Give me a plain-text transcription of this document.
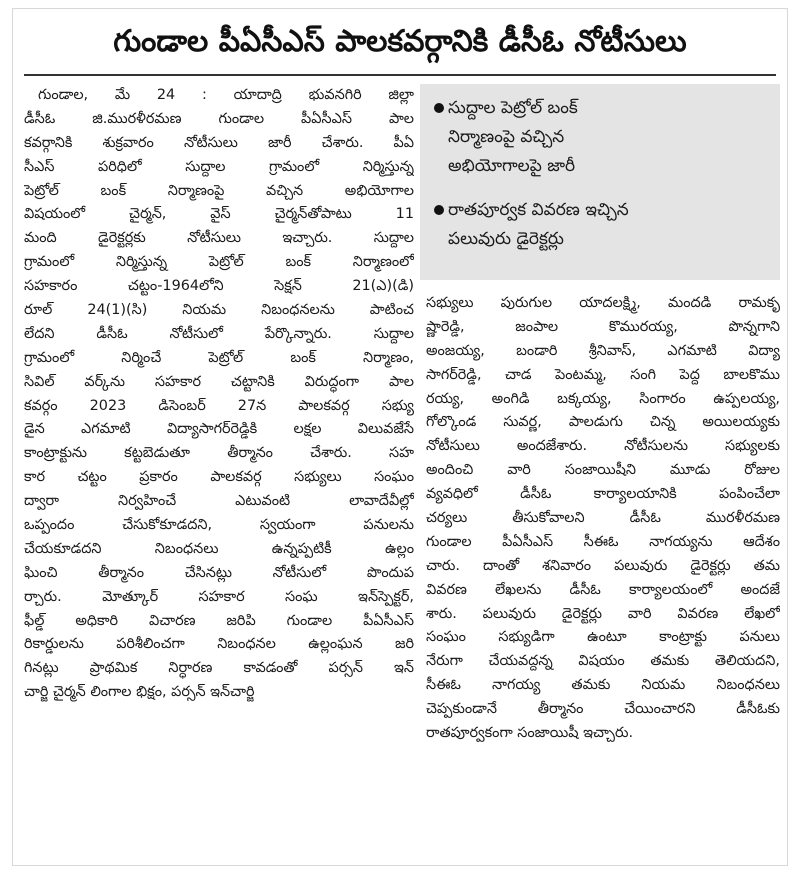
గుండాల పీఏసీఎస్‌ పాలకవర్గానికి డీసీఓ నోటీసులు
సుద్దాల పెట్రోల్‌ బంక్‌
నిర్మాణంపై వచ్చిన
అభియోగాలపై జారీ
రాతపూర్వక వివరణ ఇచ్చిన
పలువురు డైరెక్టర్లు
గుండాల, మే 24 : యాదాద్రి భువనగిరి జిల్లా
డీసీఓ జి.మురళీరమణ గుండాల పీఏసీఎస్‌ పాల
కవర్గానికి శుక్రవారం నోటీసులు జారీ చేశారు. పీఏ
సీఎస్‌ పరిధిలో సుద్దాల గ్రామంలో నిర్మిస్తున్న
పెట్రోల్‌ బంక్‌ నిర్మాణంపై వచ్చిన అభియోగాల
విషయంలో చైర్మన్‌, వైస్‌ చైర్మన్‌తోపాటు 11
మంది డైరెక్టర్లకు నోటీసులు ఇచ్చారు. సుద్దాల
గ్రామంలో నిర్మిస్తున్న పెట్రోల్‌ బంక్‌ నిర్మాణంలో
సహకారం చట్టం-1964లోని సెక్షన్‌ 21(ఎ)(డి)
రూల్‌ 24(1)(సి) నియమ నిబంధనలను పాటించ
లేదని డీసీఓ నోటీసులో పేర్కొన్నారు. సుద్దాల
గ్రామంలో నిర్మించే పెట్రోల్‌ బంక్‌ నిర్మాణం,
సివిల్‌ వర్క్‌ను సహకార చట్టానికి విరుద్ధంగా పాల
కవర్గం 2023 డిసెంబర్‌ 27న పాలకవర్గ సభ్యు
డైన ఎగమాటి విద్యాసాగర్‌రెడ్డికి లక్షల విలువజేసే
కాంట్రాక్టును కట్టబెడుతూ తీర్మానం చేశారు. సహ
కార చట్టం ప్రకారం పాలకవర్గ సభ్యులు సంఘం
ద్వారా నిర్వహించే ఎటువంటి లావాదేవీల్లో
ఒప్పందం చేసుకోకూడదని, స్వయంగా పనులను
చేయకూడదని నిబంధనలు ఉన్నప్పటికీ ఉల్లం
ఘించి తీర్మానం చేసినట్లు నోటీసులో పొందుప
ర్చారు. మోత్కూర్‌ సహకార సంఘ ఇన్‌స్పెక్టర్‌,
ఫీల్డ్‌ అధికారి విచారణ జరిపి గుండాల పీఏసీఎస్‌
రికార్డులను పరిశీలించగా నిబంధనల ఉల్లంఘన జరి
గినట్లు ప్రాథమిక నిర్ధారణ కావడంతో పర్సన్‌ ఇన్‌
చార్జి చైర్మన్‌ లింగాల భిక్షం, పర్సన్‌ ఇన్‌చార్జి
సభ్యులు పురుగుల యాదలక్ష్మి, మందడి రామకృ
ష్ణారెడ్డి, జంపాల కొమురయ్య, పొన్నగాని
అంజయ్య, బండారి శ్రీనివాస్‌, ఎగమాటి విద్యా
సాగర్‌రెడ్డి, చాడ పెంటమ్మ, సంగి పెద్ద బాలకొము
రయ్య, అంగిడి బక్కయ్య, సింగారం ఉప్పలయ్య,
గోల్కొండ సువర్ణ, పాలడుగు చిన్న అయిలయ్యకు
నోటీసులు అందజేశారు. నోటీసులను సభ్యులకు
అందించి వారి సంజాయిషీని మూడు రోజుల
వ్యవధిలో డీసీఓ కార్యాలయానికి పంపించేలా
చర్యలు తీసుకోవాలని డీసీఓ మురళీరమణ
గుండాల పీఏసీఎస్‌ సీఈఓ నాగయ్యను ఆదేశం
చారు. దాంతో శనివారం పలువురు డైరెక్టర్లు తమ
వివరణ లేఖలను డీసీఓ కార్యాలయంలో అందజే
శారు. పలువురు డైరెక్టర్లు వారి వివరణ లేఖలో
సంఘం సభ్యుడిగా ఉంటూ కాంట్రాక్టు పనులు
నేరుగా చేయవద్దన్న విషయం తమకు తెలియదని,
సీఈఓ నాగయ్య తమకు నియమ నిబంధనలు
చెప్పకుండానే తీర్మానం చేయించారని డీసీఓకు
రాతపూర్వకంగా సంజాయిషీ ఇచ్చారు.
